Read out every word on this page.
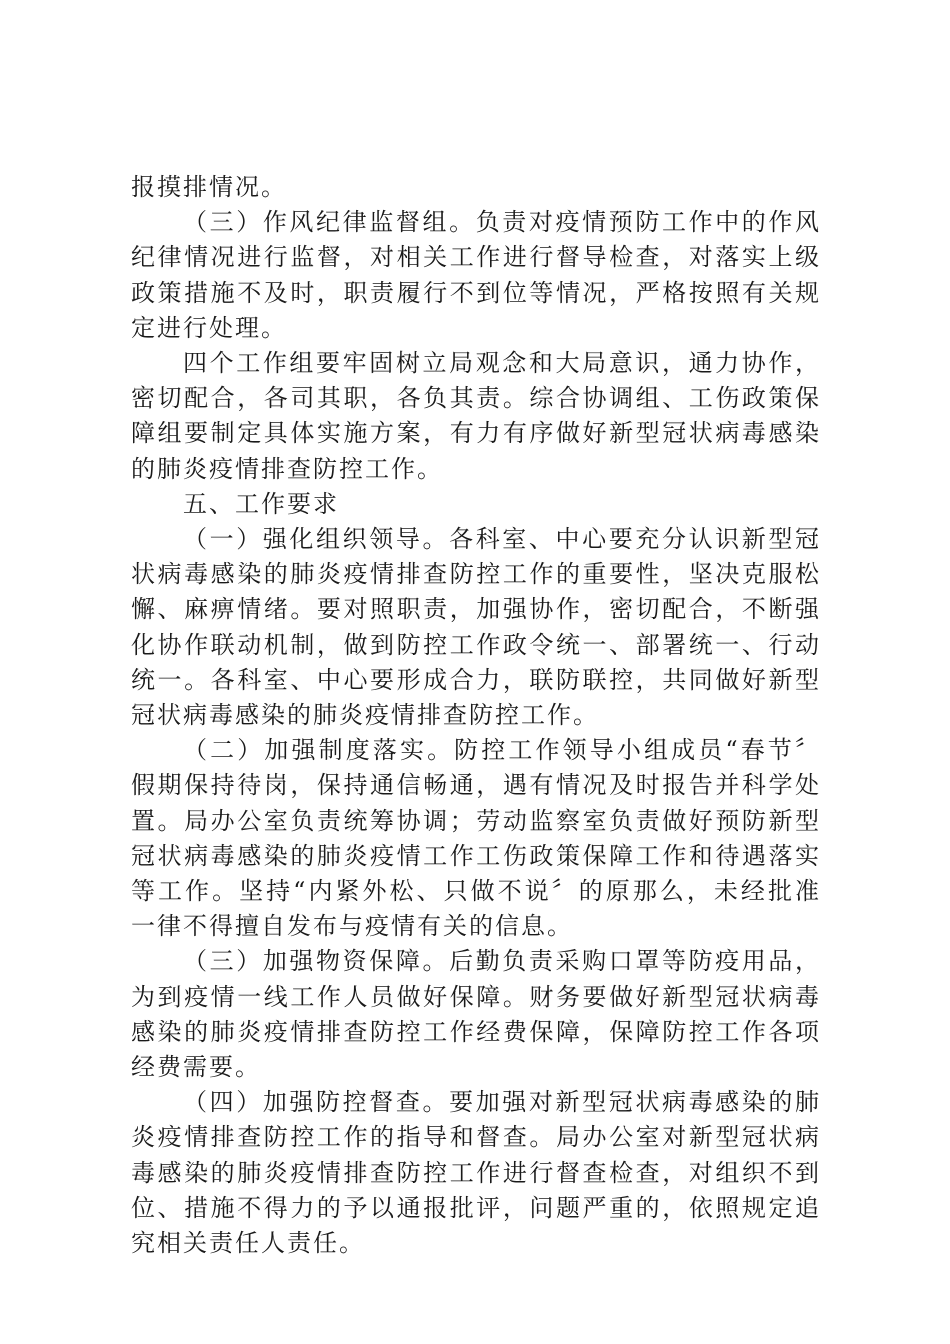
报摸排情况。

（三）作风纪律监督组。负责对疫情预防工作中的作风纪律情况进行监督，对相关工作进行督导检查，对落实上级政策措施不及时，职责履行不到位等情况，严格按照有关规定进行处理。

四个工作组要牢固树立局观念和大局意识，通力协作，密切配合，各司其职，各负其责。综合协调组、工伤政策保障组要制定具体实施方案，有力有序做好新型冠状病毒感染的肺炎疫情排查防控工作。

五、工作要求

（一）强化组织领导。各科室、中心要充分认识新型冠状病毒感染的肺炎疫情排查防控工作的重要性，坚决克服松懈、麻痹情绪。要对照职责，加强协作，密切配合，不断强化协作联动机制，做到防控工作政令统一、部署统一、行动统一。各科室、中心要形成合力，联防联控，共同做好新型冠状病毒感染的肺炎疫情排查防控工作。

（二）加强制度落实。防控工作领导小组成员“春节〞假期保持待岗，保持通信畅通，遇有情况及时报告并科学处置。局办公室负责统筹协调；劳动监察室负责做好预防新型冠状病毒感染的肺炎疫情工作工伤政策保障工作和待遇落实等工作。坚持“内紧外松、只做不说〞的原那么，未经批准一律不得擅自发布与疫情有关的信息。

（三）加强物资保障。后勤负责采购口罩等防疫用品，为到疫情一线工作人员做好保障。财务要做好新型冠状病毒感染的肺炎疫情排查防控工作经费保障，保障防控工作各项经费需要。

（四）加强防控督查。要加强对新型冠状病毒感染的肺炎疫情排查防控工作的指导和督查。局办公室对新型冠状病毒感染的肺炎疫情排查防控工作进行督查检查，对组织不到位、措施不得力的予以通报批评，问题严重的，依照规定追究相关责任人责任。
